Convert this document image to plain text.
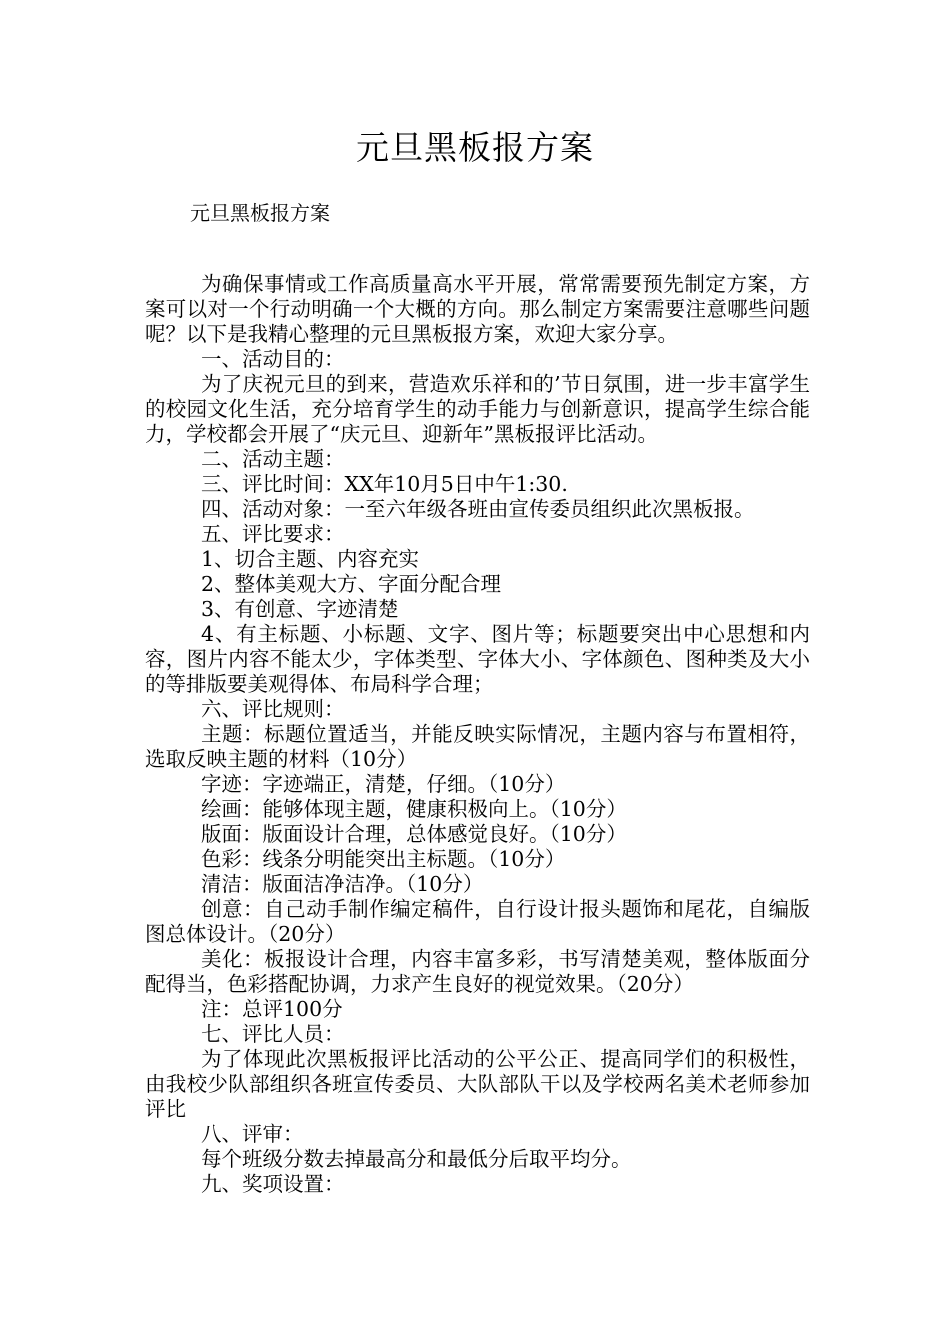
元旦黑板报方案
元旦黑板报方案

为确保事情或工作高质量高水平开展，常常需要预先制定方案，方案可以对一个行动明确一个大概的方向。那么制定方案需要注意哪些问题呢？以下是我精心整理的元旦黑板报方案，欢迎大家分享。

一、活动目的：

为了庆祝元旦的到来，营造欢乐祥和的’节日氛围，进一步丰富学生的校园文化生活，充分培育学生的动手能力与创新意识，提高学生综合能力，学校都会开展了“庆元旦、迎新年”黑板报评比活动。

二、活动主题：

三、评比时间：XX年10月5日中午1:30.

四、活动对象：一至六年级各班由宣传委员组织此次黑板报。

五、评比要求：

1、切合主题、内容充实

2、整体美观大方、字面分配合理

3、有创意、字迹清楚

4、有主标题、小标题、文字、图片等；标题要突出中心思想和内容，图片内容不能太少，字体类型、字体大小、字体颜色、图种类及大小的等排版要美观得体、布局科学合理；

六、评比规则：

主题：标题位置适当，并能反映实际情况，主题内容与布置相符，选取反映主题的材料（10分）

字迹：字迹端正，清楚，仔细。（10分）

绘画：能够体现主题，健康积极向上。（10分）

版面：版面设计合理，总体感觉良好。（10分）

色彩：线条分明能突出主标题。（10分）

清洁：版面洁净洁净。（10分）

创意：自己动手制作编定稿件，自行设计报头题饰和尾花，自编版图总体设计。（20分）

美化：板报设计合理，内容丰富多彩，书写清楚美观，整体版面分配得当，色彩搭配协调，力求产生良好的视觉效果。（20分）

注：总评100分

七、评比人员：

为了体现此次黑板报评比活动的公平公正、提高同学们的积极性，由我校少队部组织各班宣传委员、大队部队干以及学校两名美术老师参加评比

八、评审：

每个班级分数去掉最高分和最低分后取平均分。

九、奖项设置：
